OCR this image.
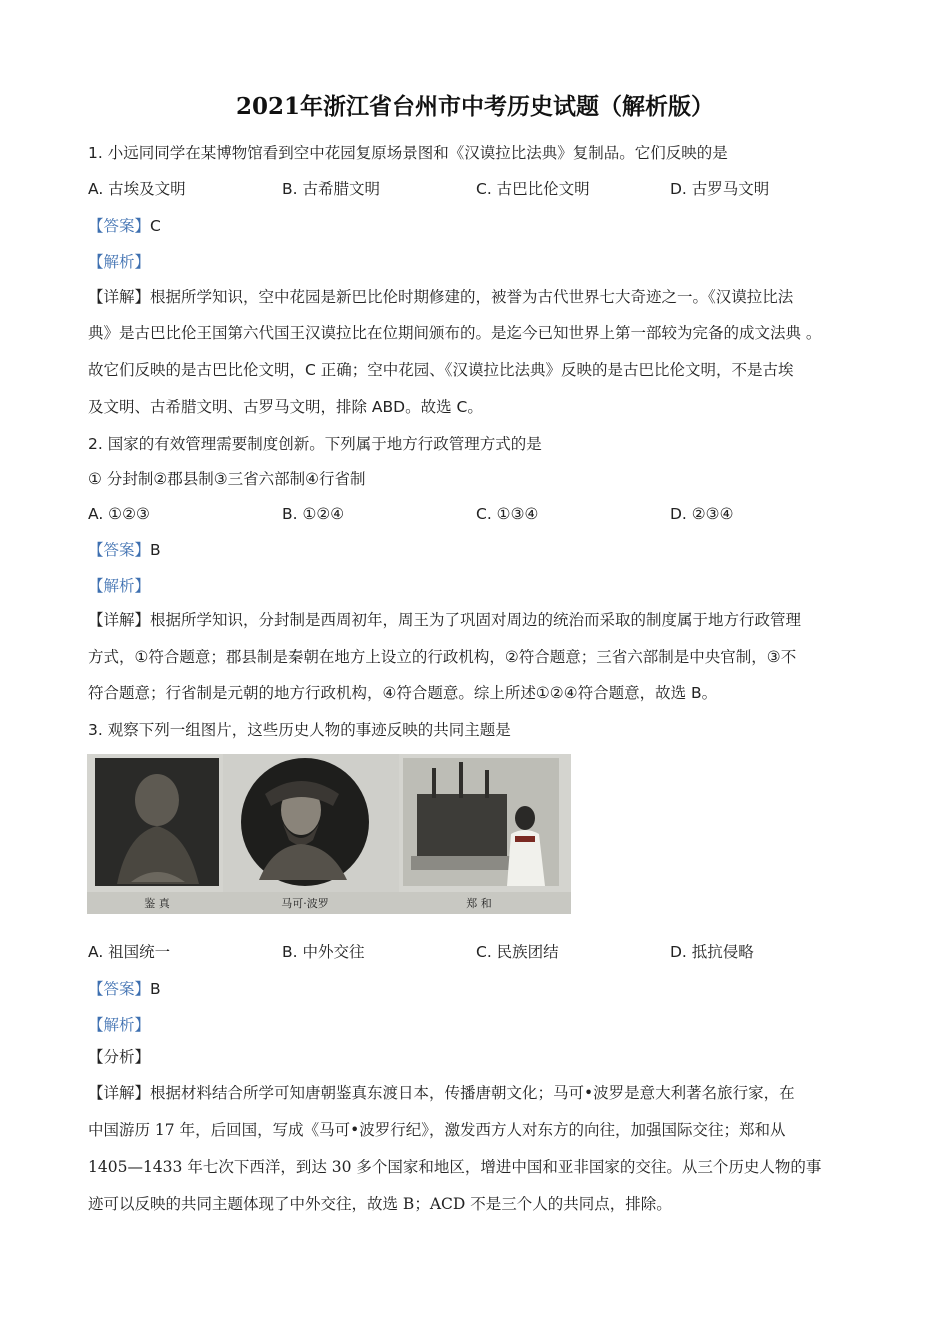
2021年浙江省台州市中考历史试题（解析版）
1. 小远同同学在某博物馆看到空中花园复原场景图和《汉谟拉比法典》复制品。它们反映的是
A. 古埃及文明	B. 古希腊文明	C. 古巴比伦文明	D. 古罗马文明
【答案】C
【解析】
【详解】根据所学知识，空中花园是新巴比伦时期修建的，被誉为古代世界七大奇迹之一。《汉谟拉比法
典》是古巴比伦王国第六代国王汉谟拉比在位期间颁布的。是迄今已知世界上第一部较为完备的成文法典 。
故它们反映的是古巴比伦文明，C 正确；空中花园、《汉谟拉比法典》反映的是古巴比伦文明，不是古埃
及文明、古希腊文明、古罗马文明，排除 ABD。故选 C。
2. 国家的有效管理需要制度创新。下列属于地方行政管理方式的是
① 分封制②郡县制③三省六部制④行省制
A. ①②③	B. ①②④	C. ①③④	D. ②③④
【答案】B
【解析】
【详解】根据所学知识，分封制是西周初年，周王为了巩固对周边的统治而采取的制度属于地方行政管理
方式，①符合题意；郡县制是秦朝在地方上设立的行政机构，②符合题意；三省六部制是中央官制，③不
符合题意；行省制是元朝的地方行政机构，④符合题意。综上所述①②④符合题意，故选 B。
3. 观察下列一组图片，这些历史人物的事迹反映的共同主题是
鉴 真	马可·波罗	郑 和
A. 祖国统一	B. 中外交往	C. 民族团结	D. 抵抗侵略
【答案】B
【解析】
【分析】
【详解】根据材料结合所学可知唐朝鉴真东渡日本，传播唐朝文化；马可•波罗是意大利著名旅行家，在
中国游历 17 年，后回国，写成《马可•波罗行纪》，激发西方人对东方的向往，加强国际交往；郑和从
1405—1433 年七次下西洋，到达 30 多个国家和地区，增进中国和亚非国家的交往。从三个历史人物的事
迹可以反映的共同主题体现了中外交往，故选 B；ACD 不是三个人的共同点，排除。
